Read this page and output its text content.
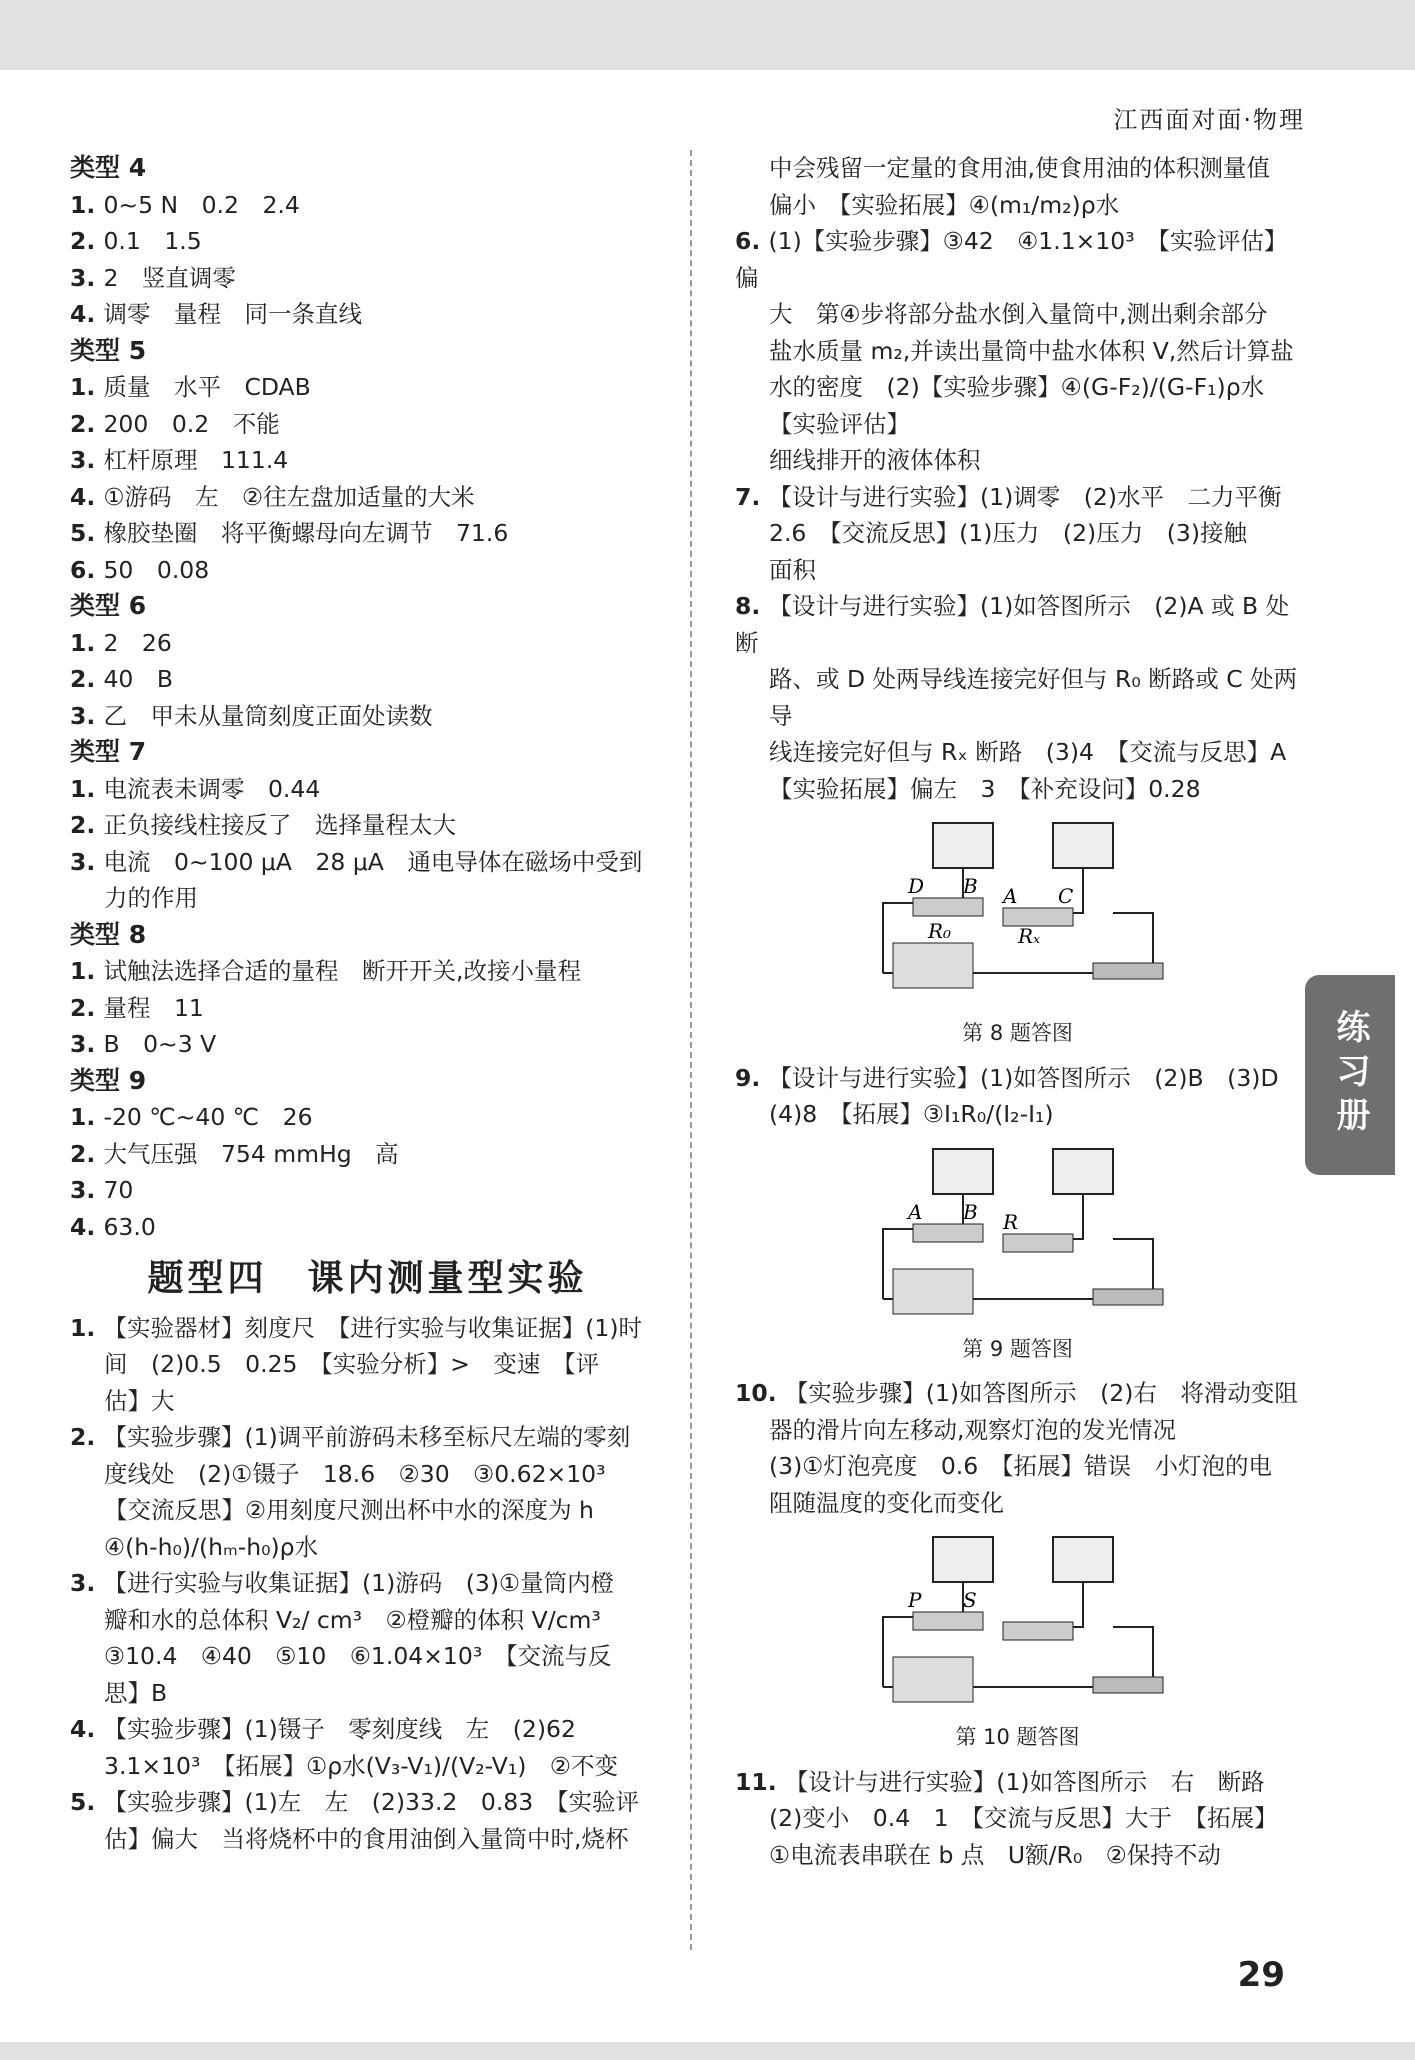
江西面对面·物理
类型 4
1. 0~5 N　0.2　2.4
2. 0.1　1.5
3. 2　竖直调零
4. 调零　量程　同一条直线
类型 5
1. 质量　水平　CDAB
2. 200　0.2　不能
3. 杠杆原理　111.4
4. ①游码　左　②往左盘加适量的大米
5. 橡胶垫圈　将平衡螺母向左调节　71.6
6. 50　0.08
类型 6
1. 2　26
2. 40　B
3. 乙　甲未从量筒刻度正面处读数
类型 7
1. 电流表未调零　0.44
2. 正负接线柱接反了　选择量程太大
3. 电流　0~100 μA　28 μA　通电导体在磁场中受到
力的作用
类型 8
1. 试触法选择合适的量程　断开开关,改接小量程
2. 量程　11
3. B　0~3 V
类型 9
1. -20 ℃~40 ℃　26
2. 大气压强　754 mmHg　高
3. 70
4. 63.0
题型四　课内测量型实验
1. 【实验器材】刻度尺　【进行实验与收集证据】(1)时
间　(2)0.5　0.25　【实验分析】>　变速　【评
估】大
2. 【实验步骤】(1)调平前游码未移至标尺左端的零刻
度线处　(2)①镊子　18.6　②30　③0.62×10³
【交流反思】②用刻度尺测出杯中水的深度为 h
④(h-h₀)/(hₘ-h₀)ρ水
3. 【进行实验与收集证据】(1)游码　(3)①量筒内橙
瓣和水的总体积 V₂/ cm³　②橙瓣的体积 V/cm³
③10.4　④40　⑤10　⑥1.04×10³　【交流与反
思】B
4. 【实验步骤】(1)镊子　零刻度线　左　(2)62
3.1×10³　【拓展】①ρ水(V₃-V₁)/(V₂-V₁)　②不变
5. 【实验步骤】(1)左　左　(2)33.2　0.83　【实验评
估】偏大　当将烧杯中的食用油倒入量筒中时,烧杯
中会残留一定量的食用油,使食用油的体积测量值
偏小　【实验拓展】④(m₁/m₂)ρ水
6. (1)【实验步骤】③42　④1.1×10³　【实验评估】偏
大　第④步将部分盐水倒入量筒中,测出剩余部分
盐水质量 m₂,并读出量筒中盐水体积 V,然后计算盐
水的密度　(2)【实验步骤】④(G-F₂)/(G-F₁)ρ水　【实验评估】
细线排开的液体体积
7. 【设计与进行实验】(1)调零　(2)水平　二力平衡
2.6　【交流反思】(1)压力　(2)压力　(3)接触
面积
8. 【设计与进行实验】(1)如答图所示　(2)A 或 B 处断
路、或 D 处两导线连接完好但与 R₀ 断路或 C 处两导
线连接完好但与 Rₓ 断路　(3)4　【交流与反思】A
【实验拓展】偏左　3　【补充设问】0.28
D B A C
R₀	Rₓ
第 8 题答图
9. 【设计与进行实验】(1)如答图所示　(2)B　(3)D
(4)8　【拓展】③I₁R₀/(I₂-I₁)
A B R
第 9 题答图
10. 【实验步骤】(1)如答图所示　(2)右　将滑动变阻
器的滑片向左移动,观察灯泡的发光情况
(3)①灯泡亮度　0.6　【拓展】错误　小灯泡的电
阻随温度的变化而变化
P S
第 10 题答图
11. 【设计与进行实验】(1)如答图所示　右　断路
(2)变小　0.4　1　【交流与反思】大于　【拓展】
①电流表串联在 b 点　U额/R₀　②保持不动
练习册
29
